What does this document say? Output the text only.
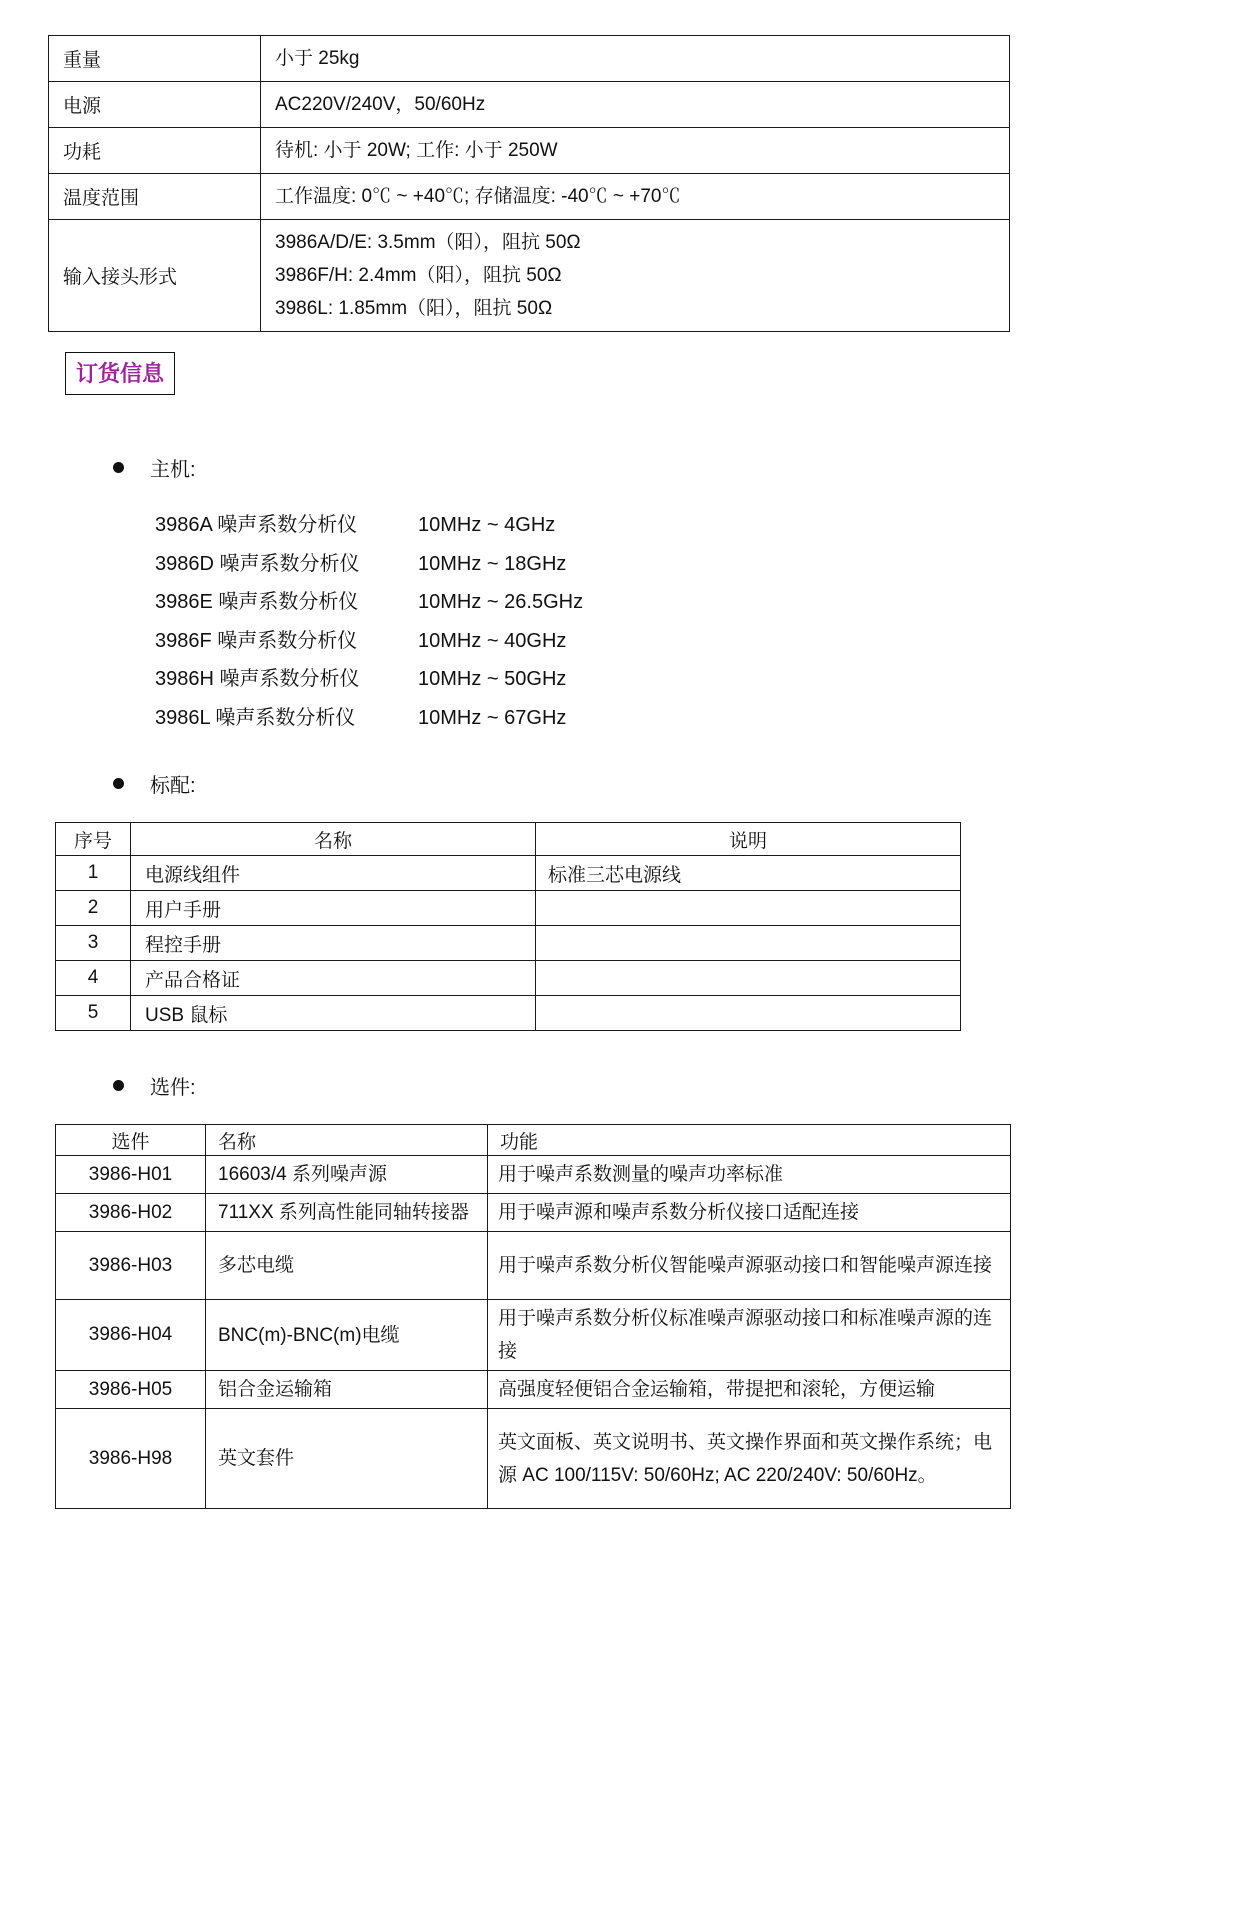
重量	小于 25kg

电源	AC220V/240V，50/60Hz

功耗	待机: 小于 20W; 工作: 小于 250W

温度范围	工作温度: 0℃ ~ +40℃; 存储温度: -40℃ ~ +70℃

输入接头形式	3986A/D/E: 3.5mm（阳），阻抗 50Ω
3986F/H: 2.4mm（阳），阻抗 50Ω
3986L: 1.85mm（阳），阻抗 50Ω
订货信息
主机:
3986A 噪声系数分析仪	10MHz ~ 4GHz
3986D 噪声系数分析仪	10MHz ~ 18GHz
3986E 噪声系数分析仪	10MHz ~ 26.5GHz
3986F 噪声系数分析仪	10MHz ~ 40GHz
3986H 噪声系数分析仪	10MHz ~ 50GHz
3986L 噪声系数分析仪	10MHz ~ 67GHz
标配:
序号	名称	说明
1	电源线组件	标准三芯电源线
2	用户手册	
3	程控手册	
4	产品合格证	
5	USB 鼠标	
选件:
选件	名称	功能
3986-H01	16603/4 系列噪声源	用于噪声系数测量的噪声功率标准
3986-H02	711XX 系列高性能同轴转接器	用于噪声源和噪声系数分析仪接口适配连接
3986-H03	多芯电缆	用于噪声系数分析仪智能噪声源驱动接口和智能噪声源连接
3986-H04	BNC(m)-BNC(m)电缆	用于噪声系数分析仪标准噪声源驱动接口和标准噪声源的连接
3986-H05	铝合金运输箱	高强度轻便铝合金运输箱，带提把和滚轮，方便运输
3986-H98	英文套件	英文面板、英文说明书、英文操作界面和英文操作系统；电源 AC 100/115V: 50/60Hz; AC 220/240V: 50/60Hz。
